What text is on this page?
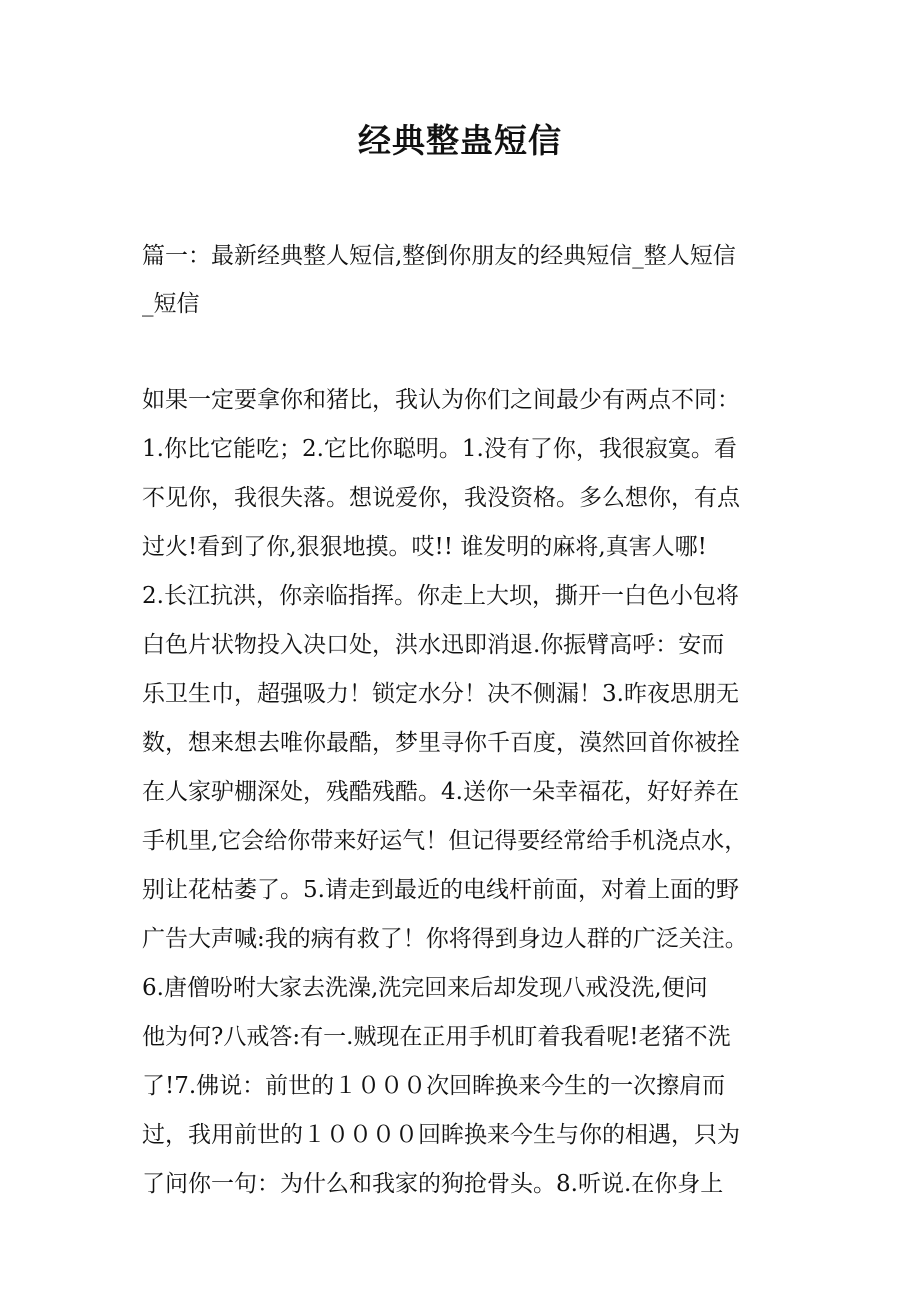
经典整蛊短信
篇一：最新经典整人短信,整倒你朋友的经典短信_整人短信
_短信
如果一定要拿你和猪比，我认为你们之间最少有两点不同：
1.你比它能吃；2.它比你聪明。1.没有了你，我很寂寞。看
不见你，我很失落。想说爱你，我没资格。多么想你，有点
过火!看到了你,狠狠地摸。哎!! 谁发明的麻将,真害人哪!
2.长江抗洪，你亲临指挥。你走上大坝，撕开一白色小包将
白色片状物投入决口处，洪水迅即消退.你振臂高呼：安而
乐卫生巾，超强吸力！锁定水分！决不侧漏！3.昨夜思朋无
数，想来想去唯你最酷，梦里寻你千百度，漠然回首你被拴
在人家驴棚深处，残酷残酷。4.送你一朵幸福花，好好养在
手机里,它会给你带来好运气！但记得要经常给手机浇点水，
别让花枯萎了。5.请走到最近的电线杆前面，对着上面的野
广告大声喊:我的病有救了！你将得到身边人群的广泛关注。
6.唐僧吩咐大家去洗澡,洗完回来后却发现八戒没洗,便问
他为何?八戒答:有一.贼现在正用手机盯着我看呢!老猪不洗
了!7.佛说：前世的１０００次回眸换来今生的一次擦肩而
过，我用前世的１００００回眸换来今生与你的相遇，只为
了问你一句：为什么和我家的狗抢骨头。8.听说.在你身上
